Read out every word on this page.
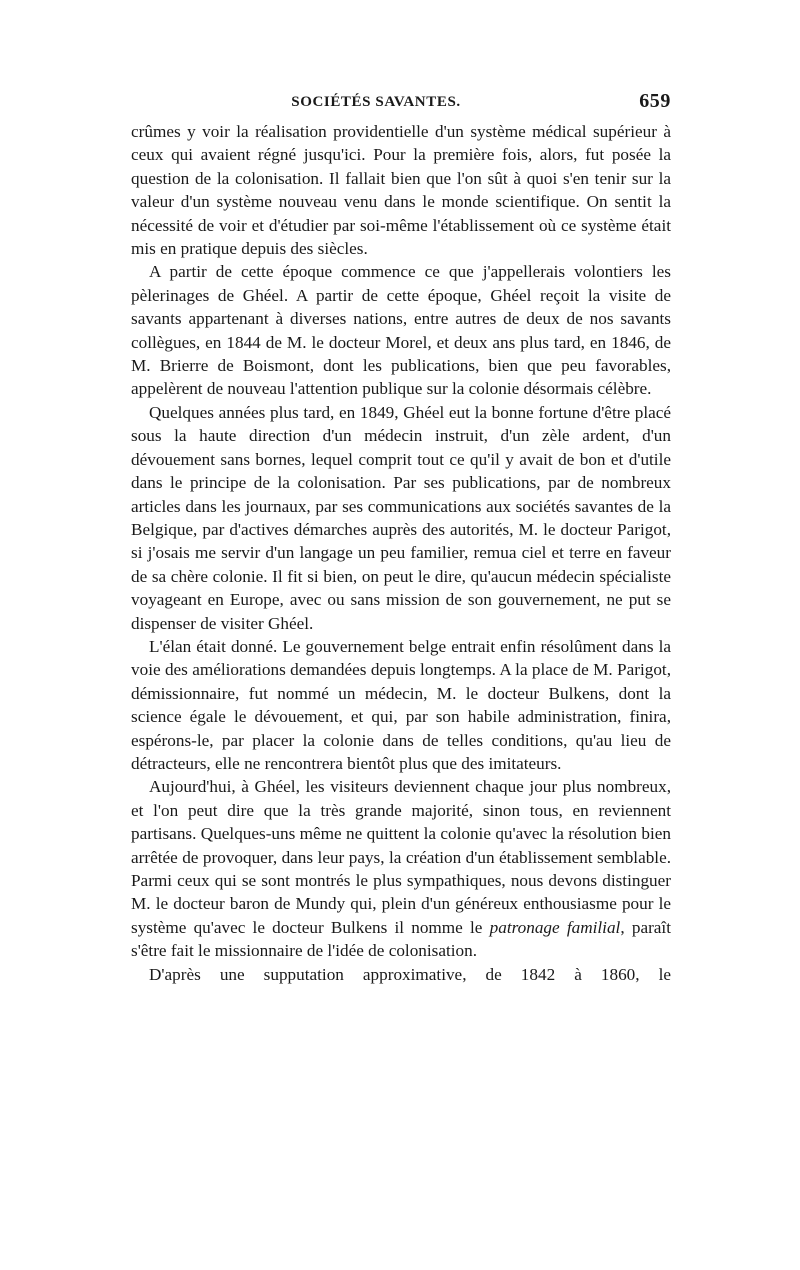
SOCIÉTÉS SAVANTES.	659

crûmes y voir la réalisation providentielle d'un système médical supérieur à ceux qui avaient régné jusqu'ici. Pour la première fois, alors, fut posée la question de la colonisation. Il fallait bien que l'on sût à quoi s'en tenir sur la valeur d'un système nouveau venu dans le monde scientifique. On sentit la nécessité de voir et d'étudier par soi-même l'établissement où ce système était mis en pratique depuis des siècles.

A partir de cette époque commence ce que j'appellerais volontiers les pèlerinages de Ghéel. A partir de cette époque, Ghéel reçoit la visite de savants appartenant à diverses nations, entre autres de deux de nos savants collègues, en 1844 de M. le docteur Morel, et deux ans plus tard, en 1846, de M. Brierre de Boismont, dont les publications, bien que peu favorables, appelèrent de nouveau l'attention publique sur la colonie désormais célèbre.

Quelques années plus tard, en 1849, Ghéel eut la bonne fortune d'être placé sous la haute direction d'un médecin instruit, d'un zèle ardent, d'un dévouement sans bornes, lequel comprit tout ce qu'il y avait de bon et d'utile dans le principe de la colonisation. Par ses publications, par de nombreux articles dans les journaux, par ses communications aux sociétés savantes de la Belgique, par d'actives démarches auprès des autorités, M. le docteur Parigot, si j'osais me servir d'un langage un peu familier, remua ciel et terre en faveur de sa chère colonie. Il fit si bien, on peut le dire, qu'aucun médecin spécialiste voyageant en Europe, avec ou sans mission de son gouvernement, ne put se dispenser de visiter Ghéel.

L'élan était donné. Le gouvernement belge entrait enfin résolûment dans la voie des améliorations demandées depuis longtemps. A la place de M. Parigot, démissionnaire, fut nommé un médecin, M. le docteur Bulkens, dont la science égale le dévouement, et qui, par son habile administration, finira, espérons-le, par placer la colonie dans de telles conditions, qu'au lieu de détracteurs, elle ne rencontrera bientôt plus que des imitateurs.

Aujourd'hui, à Ghéel, les visiteurs deviennent chaque jour plus nombreux, et l'on peut dire que la très grande majorité, sinon tous, en reviennent partisans. Quelques-uns même ne quittent la colonie qu'avec la résolution bien arrêtée de provoquer, dans leur pays, la création d'un établissement semblable. Parmi ceux qui se sont montrés le plus sympathiques, nous devons distinguer M. le docteur baron de Mundy qui, plein d'un généreux enthousiasme pour le système qu'avec le docteur Bulkens il nomme le patronage familial, paraît s'être fait le missionnaire de l'idée de colonisation.

D'après une supputation approximative, de 1842 à 1860, le
